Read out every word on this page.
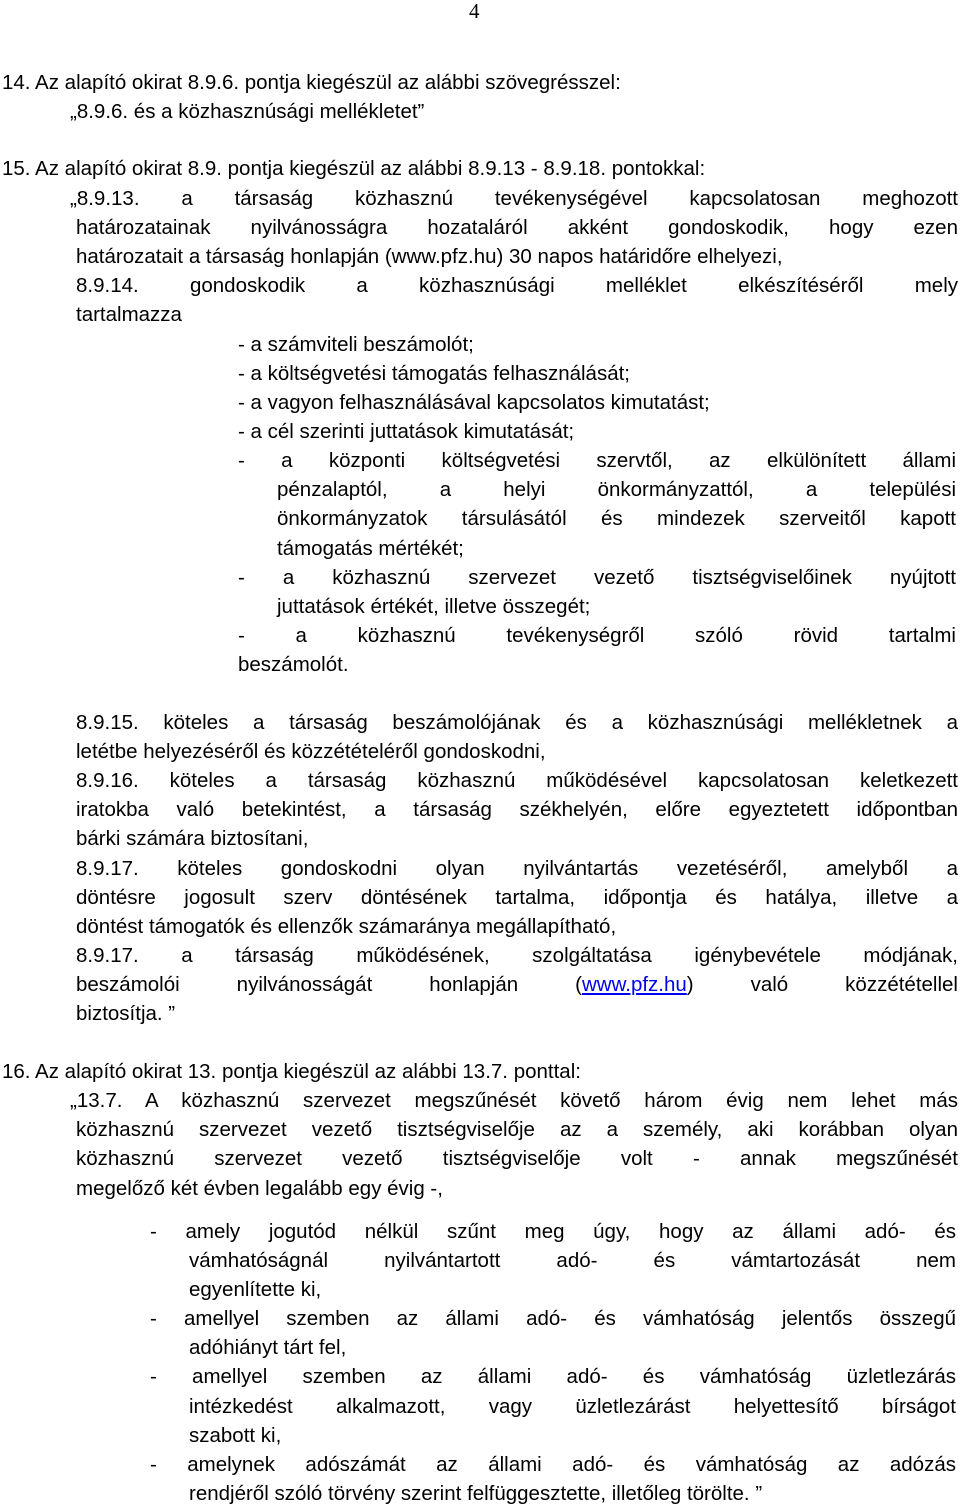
4
14. Az alapító okirat 8.9.6. pontja kiegészül az alábbi szövegrésszel:
„8.9.6. és a közhasznúsági mellékletet”
15. Az alapító okirat 8.9. pontja kiegészül az alábbi 8.9.13 - 8.9.18. pontokkal:
„8.9.13. a társaság közhasznú tevékenységével kapcsolatosan meghozott
határozatainak nyilvánosságra hozataláról akként gondoskodik, hogy ezen
határozatait a társaság honlapján (www.pfz.hu) 30 napos határidőre elhelyezi,
8.9.14. gondoskodik a közhasznúsági melléklet elkészítéséről mely
tartalmazza
- a számviteli beszámolót;
- a költségvetési támogatás felhasználását;
- a vagyon felhasználásával kapcsolatos kimutatást;
- a cél szerinti juttatások kimutatását;
- a központi költségvetési szervtől, az elkülönített állami
pénzalaptól, a helyi önkormányzattól, a települési
önkormányzatok társulásától és mindezek szerveitől kapott
támogatás mértékét;
- a közhasznú szervezet vezető tisztségviselőinek nyújtott
juttatások értékét, illetve összegét;
- a közhasznú tevékenységről szóló rövid tartalmi
beszámolót.
8.9.15. köteles a társaság beszámolójának és a közhasznúsági mellékletnek a
letétbe helyezéséről és közzétételéről gondoskodni,
8.9.16. köteles a társaság közhasznú működésével kapcsolatosan keletkezett
iratokba való betekintést, a társaság székhelyén, előre egyeztetett időpontban
bárki számára biztosítani,
8.9.17. köteles gondoskodni olyan nyilvántartás vezetéséről, amelyből a
döntésre jogosult szerv döntésének tartalma, időpontja és hatálya, illetve a
döntést támogatók és ellenzők számaránya megállapítható,
8.9.17. a társaság működésének, szolgáltatása igénybevétele módjának,
beszámolói nyilvánosságát honlapján (www.pfz.hu) való közzététellel
biztosítja. ”
16. Az alapító okirat 13. pontja kiegészül az alábbi 13.7. ponttal:
„13.7. A közhasznú szervezet megszűnését követő három évig nem lehet más
közhasznú szervezet vezető tisztségviselője az a személy, aki korábban olyan
közhasznú szervezet vezető tisztségviselője volt - annak megszűnését
megelőző két évben legalább egy évig -,
- amely jogutód nélkül szűnt meg úgy, hogy az állami adó- és
vámhatóságnál nyilvántartott adó- és vámtartozását nem
egyenlítette ki,
- amellyel szemben az állami adó- és vámhatóság jelentős összegű
adóhiányt tárt fel,
- amellyel szemben az állami adó- és vámhatóság üzletlezárás
intézkedést alkalmazott, vagy üzletlezárást helyettesítő bírságot
szabott ki,
- amelynek adószámát az állami adó- és vámhatóság az adózás
rendjéről szóló törvény szerint felfüggesztette, illetőleg törölte. ”
